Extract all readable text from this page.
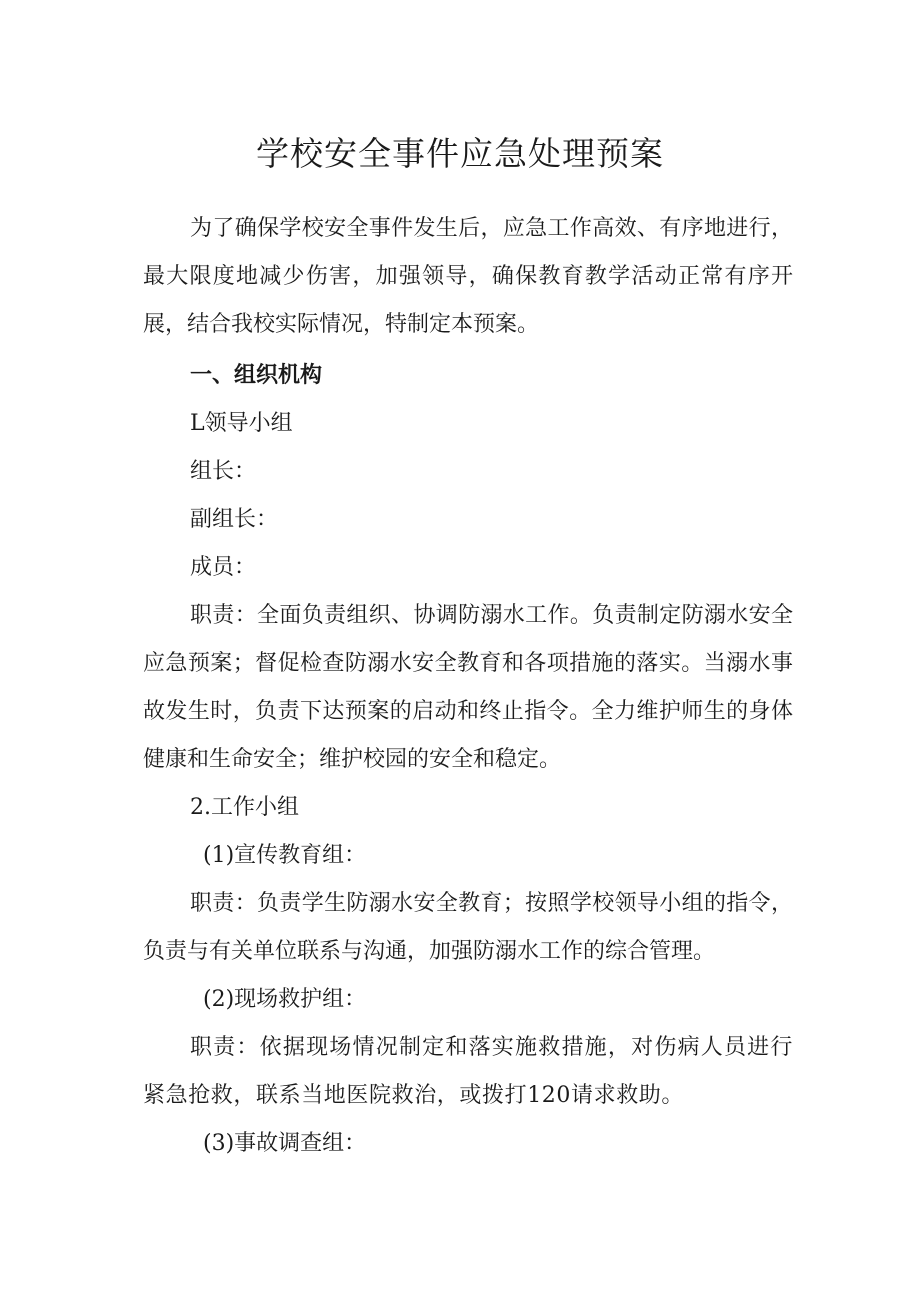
学校安全事件应急处理预案

为了确保学校安全事件发生后，应急工作高效、有序地进行，最大限度地减少伤害，加强领导，确保教育教学活动正常有序开展，结合我校实际情况，特制定本预案。

一、组织机构

L领导小组

组长：

副组长：

成员：

职责：全面负责组织、协调防溺水工作。负责制定防溺水安全应急预案；督促检查防溺水安全教育和各项措施的落实。当溺水事故发生时，负责下达预案的启动和终止指令。全力维护师生的身体健康和生命安全；维护校园的安全和稳定。

2.工作小组

(1)宣传教育组：

职责：负责学生防溺水安全教育；按照学校领导小组的指令，负责与有关单位联系与沟通，加强防溺水工作的综合管理。

(2)现场救护组：

职责：依据现场情况制定和落实施救措施，对伤病人员进行紧急抢救，联系当地医院救治，或拨打120请求救助。

(3)事故调查组：
